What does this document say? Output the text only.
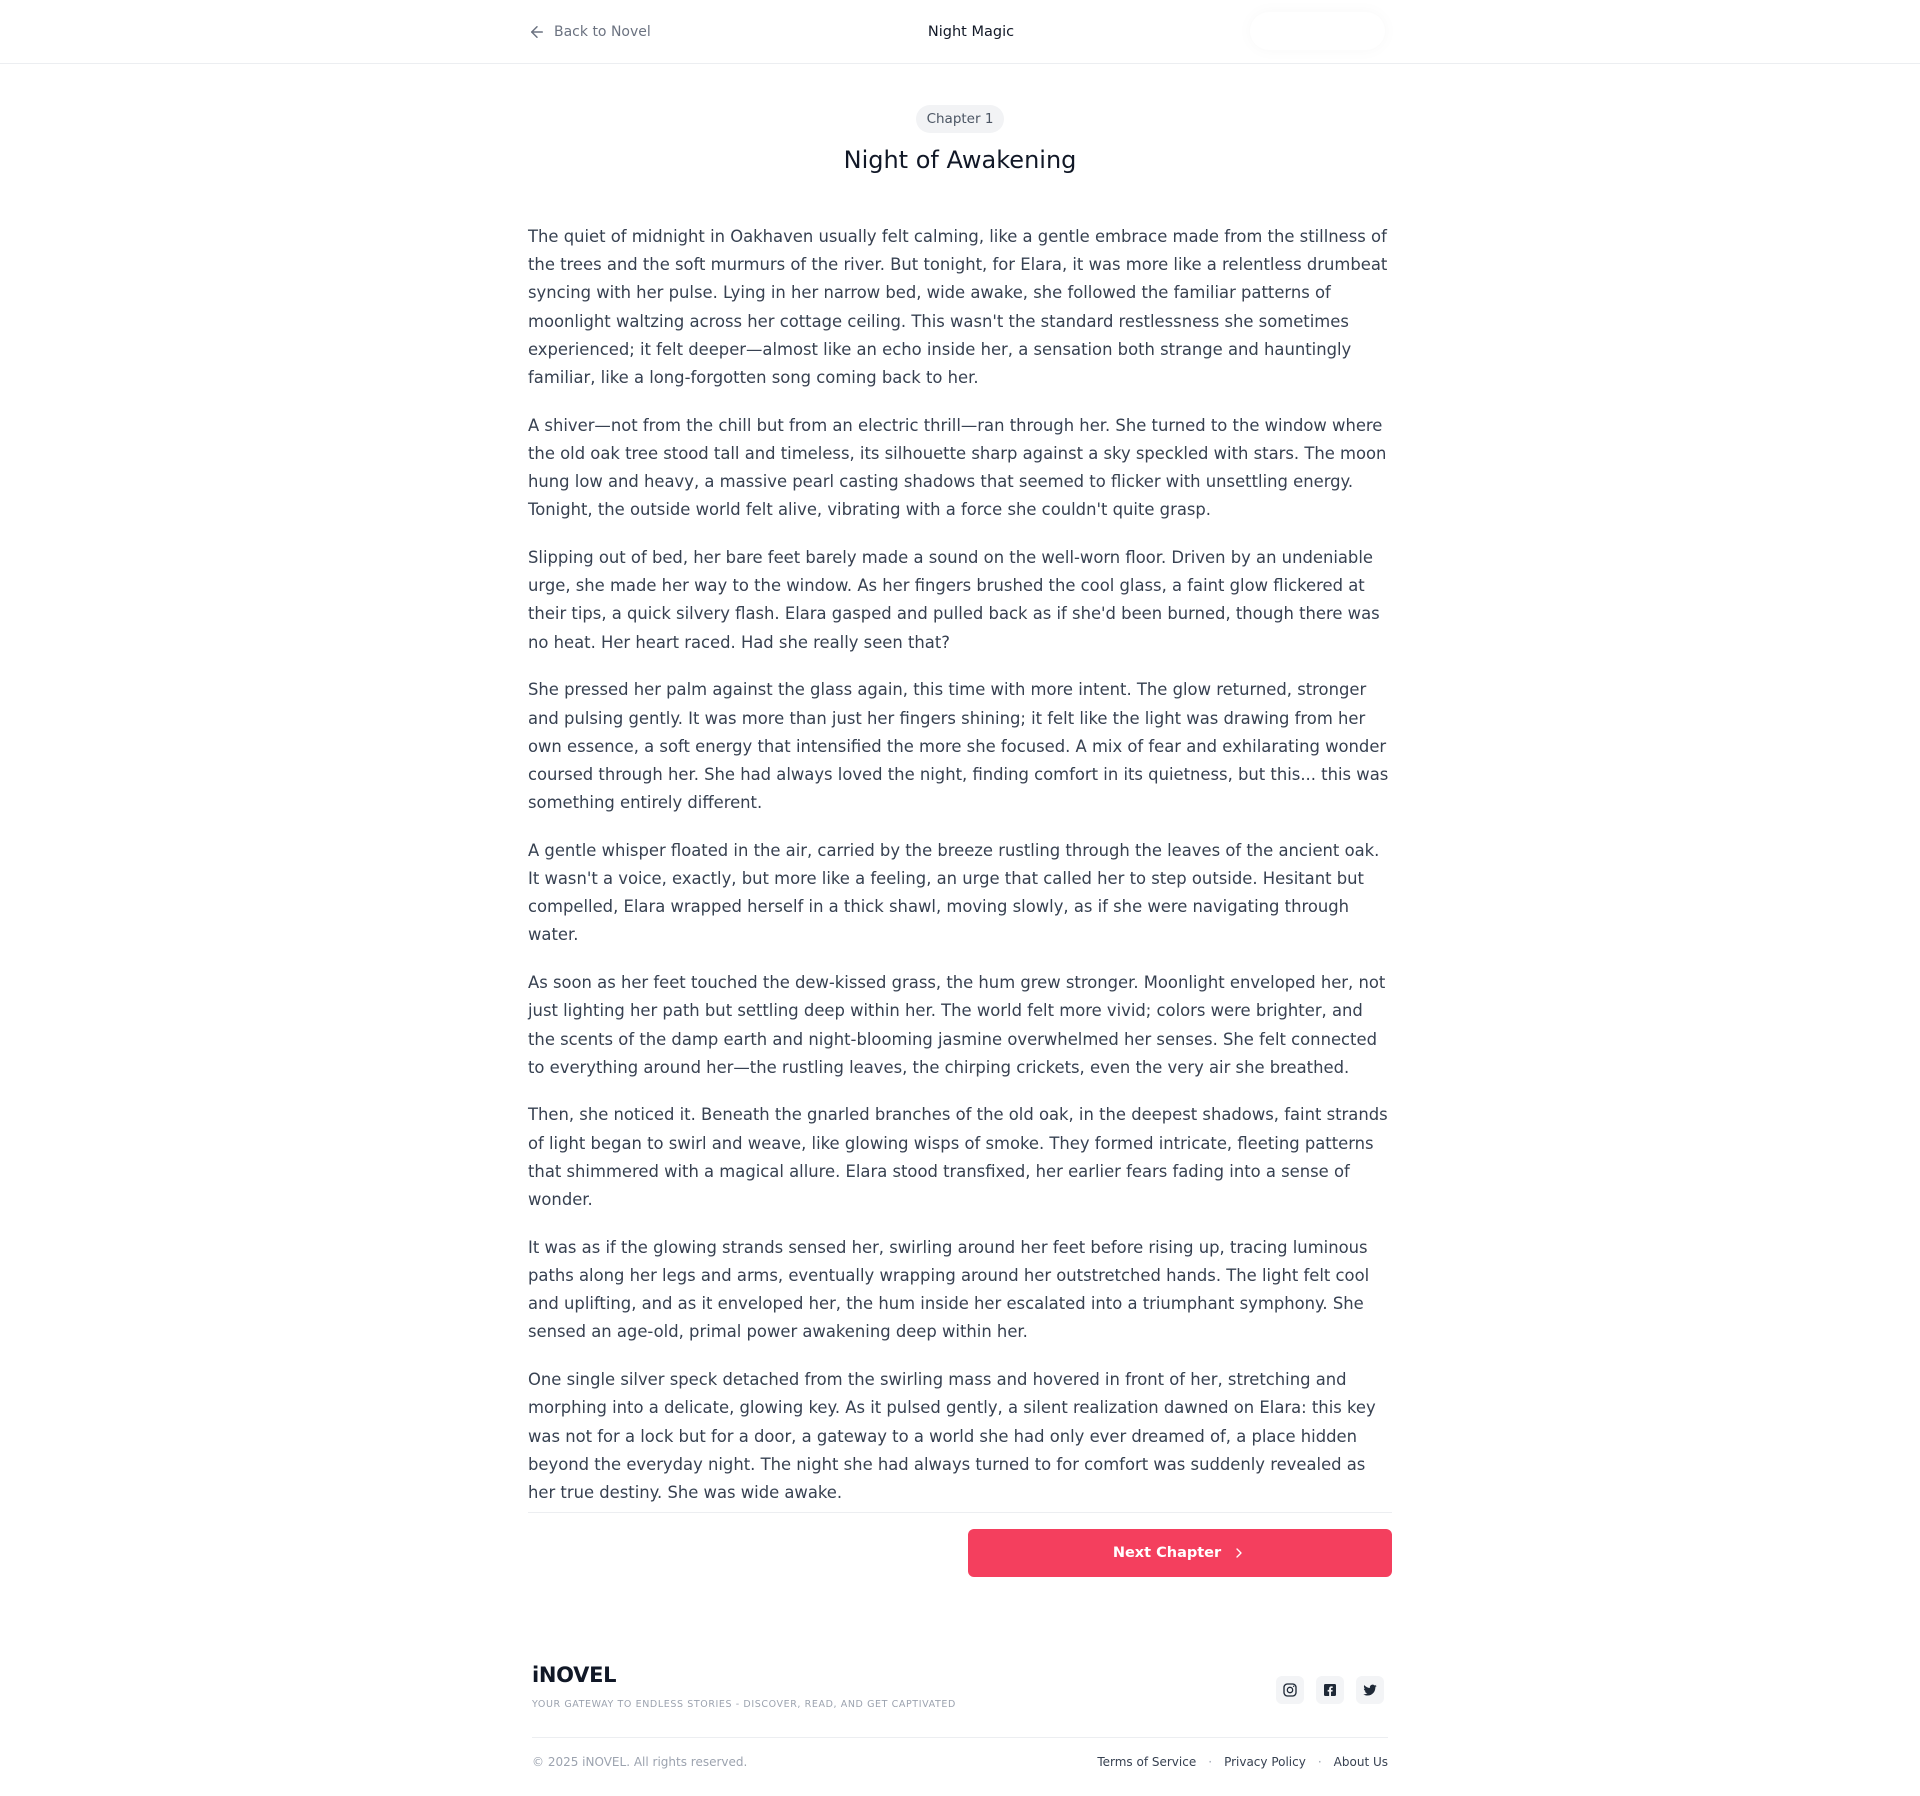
Back to Novel	Night Magic
Chapter 1
Night of Awakening

The quiet of midnight in Oakhaven usually felt calming, like a gentle embrace made from the stillness of the trees and the soft murmurs of the river. But tonight, for Elara, it was more like a relentless drumbeat syncing with her pulse. Lying in her narrow bed, wide awake, she followed the familiar patterns of moonlight waltzing across her cottage ceiling. This wasn't the standard restlessness she sometimes experienced; it felt deeper—almost like an echo inside her, a sensation both strange and hauntingly familiar, like a long-forgotten song coming back to her.

A shiver—not from the chill but from an electric thrill—ran through her. She turned to the window where the old oak tree stood tall and timeless, its silhouette sharp against a sky speckled with stars. The moon hung low and heavy, a massive pearl casting shadows that seemed to flicker with unsettling energy. Tonight, the outside world felt alive, vibrating with a force she couldn't quite grasp.

Slipping out of bed, her bare feet barely made a sound on the well-worn floor. Driven by an undeniable urge, she made her way to the window. As her fingers brushed the cool glass, a faint glow flickered at their tips, a quick silvery flash. Elara gasped and pulled back as if she'd been burned, though there was no heat. Her heart raced. Had she really seen that?

She pressed her palm against the glass again, this time with more intent. The glow returned, stronger and pulsing gently. It was more than just her fingers shining; it felt like the light was drawing from her own essence, a soft energy that intensified the more she focused. A mix of fear and exhilarating wonder coursed through her. She had always loved the night, finding comfort in its quietness, but this... this was something entirely different.

A gentle whisper floated in the air, carried by the breeze rustling through the leaves of the ancient oak. It wasn't a voice, exactly, but more like a feeling, an urge that called her to step outside. Hesitant but compelled, Elara wrapped herself in a thick shawl, moving slowly, as if she were navigating through water.

As soon as her feet touched the dew-kissed grass, the hum grew stronger. Moonlight enveloped her, not just lighting her path but settling deep within her. The world felt more vivid; colors were brighter, and the scents of the damp earth and night-blooming jasmine overwhelmed her senses. She felt connected to everything around her—the rustling leaves, the chirping crickets, even the very air she breathed.

Then, she noticed it. Beneath the gnarled branches of the old oak, in the deepest shadows, faint strands of light began to swirl and weave, like glowing wisps of smoke. They formed intricate, fleeting patterns that shimmered with a magical allure. Elara stood transfixed, her earlier fears fading into a sense of wonder.

It was as if the glowing strands sensed her, swirling around her feet before rising up, tracing luminous paths along her legs and arms, eventually wrapping around her outstretched hands. The light felt cool and uplifting, and as it enveloped her, the hum inside her escalated into a triumphant symphony. She sensed an age-old, primal power awakening deep within her.

One single silver speck detached from the swirling mass and hovered in front of her, stretching and morphing into a delicate, glowing key. As it pulsed gently, a silent realization dawned on Elara: this key was not for a lock but for a door, a gateway to a world she had only ever dreamed of, a place hidden beyond the everyday night. The night she had always turned to for comfort was suddenly revealed as her true destiny. She was wide awake.

Next Chapter
iNOVEL
YOUR GATEWAY TO ENDLESS STORIES - DISCOVER, READ, AND GET CAPTIVATED
© 2025 iNOVEL. All rights reserved.	Terms of Service · Privacy Policy · About Us
